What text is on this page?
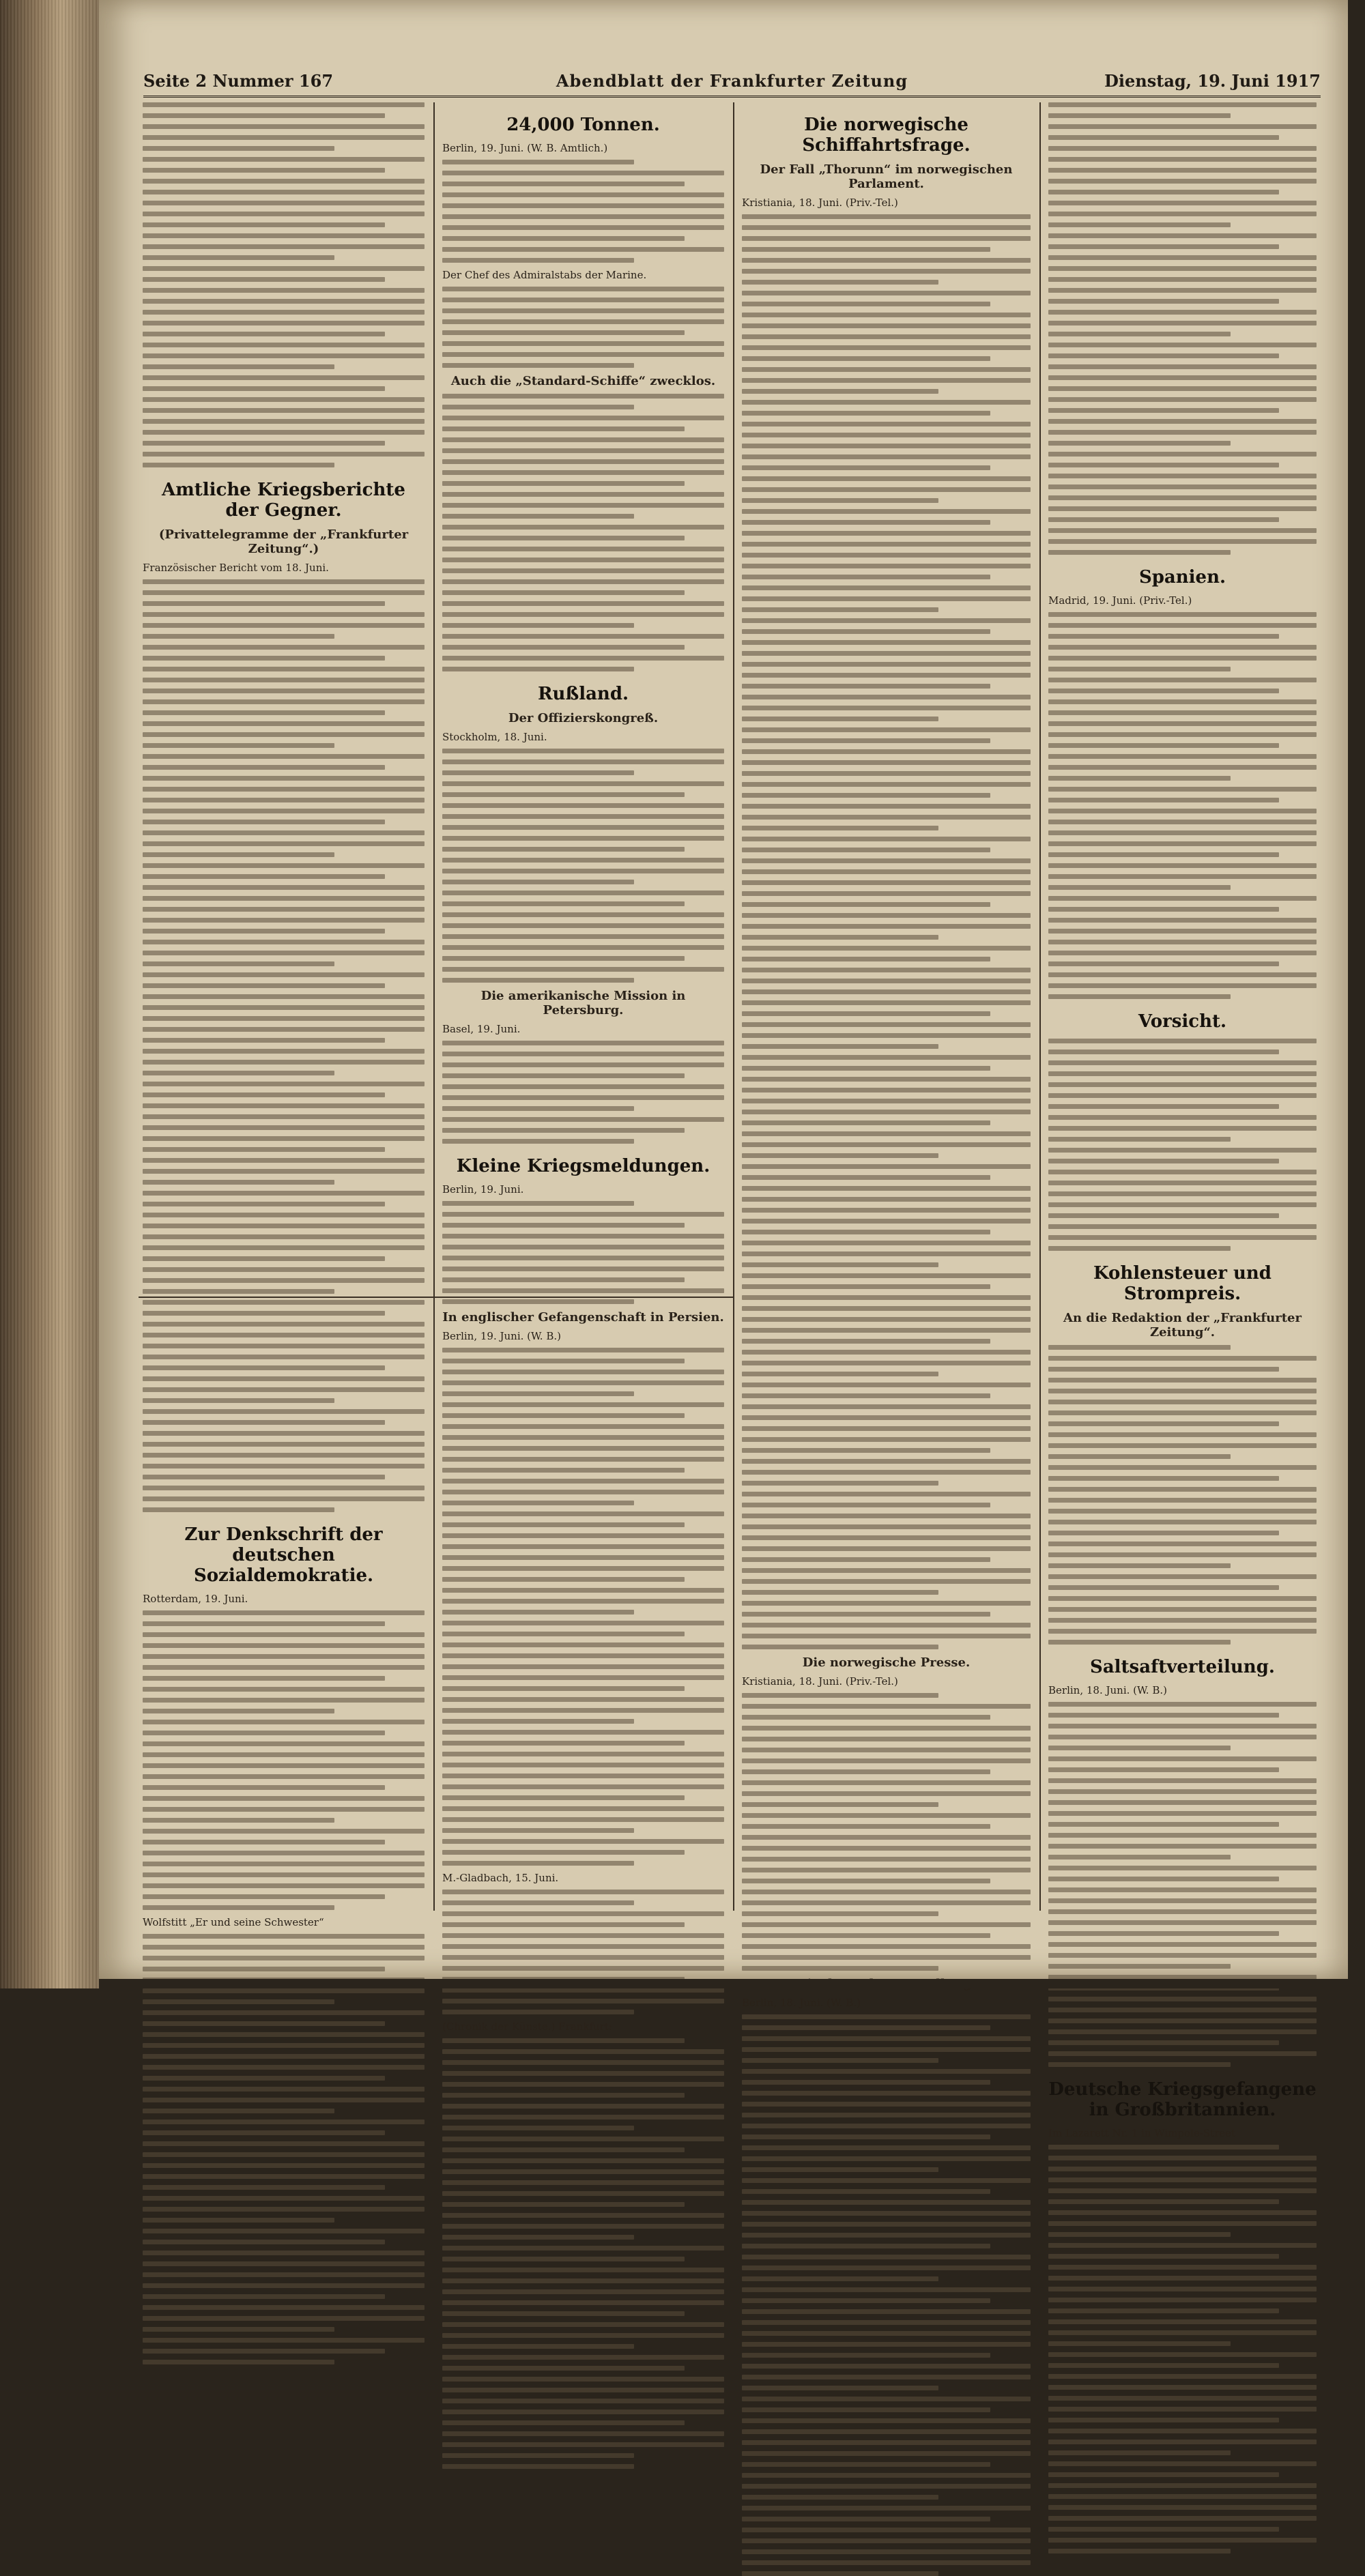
Seite 2 Nummer 167	Abendblatt der Frankfurter Zeitung	Dienstag, 19. Juni 1917
Amtliche Kriegsberichte der Gegner.
(Privattelegramme der „Frankfurter Zeitung“.)
Französischer Bericht vom 18. Juni.
Zur Denkschrift der deutschen Sozialdemokratie.
Rotterdam, 19. Juni.
Wolfstitt „Er und seine Schwester“
24,000 Tonnen.
Berlin, 19. Juni. (W. B. Amtlich.)
Der Chef des Admiralstabs der Marine.
Auch die „Standard-Schiffe“ zwecklos.
Rußland.
Der Offizierskongreß.
Stockholm, 18. Juni.
Die amerikanische Mission in Petersburg.
Basel, 19. Juni.
Kleine Kriegsmeldungen.
Berlin, 19. Juni.
In englischer Gefangenschaft in Persien.
Berlin, 19. Juni. (W. B.)
M.-Gladbach, 15. Juni.
(Chronik der Künste.) Frankfurt:
Die norwegische Schiffahrtsfrage.
Der Fall „Thorunn“ im norwegischen Parlament.
Kristiania, 18. Juni. (Priv.-Tel.)
Die norwegische Presse.
Kristiania, 18. Juni. (Priv.-Tel.)
Berlin, 18. Juni. (W. B.)
Spanien.
Madrid, 19. Juni. (Priv.-Tel.)
Vorsicht.
Kohlensteuer und Strompreis.
An die Redaktion der „Frankfurter Zeitung“.
Saltsaftverteilung.
Berlin, 18. Juni. (W. B.)
Deutsche Kriegsgefangene in Großbritannien.
Im Lazarett Nr. 1 in Wimpole-Street
